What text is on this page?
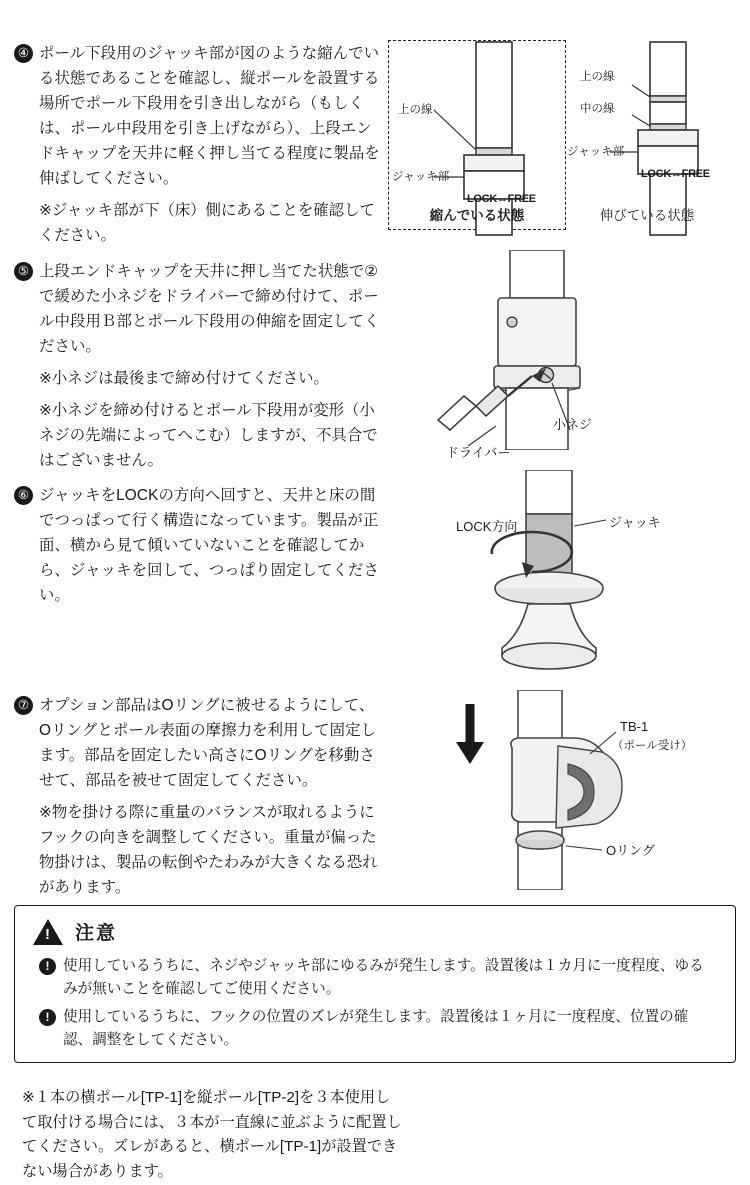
④ ポール下段用のジャッキ部が図のような縮んでいる状態であることを確認し、縦ポールを設置する場所でポール下段用を引き出しながら（もしくは、ポール中段用を引き上げながら）、上段エンドキャップを天井に軽く押し当てる程度に製品を伸ばしてください。
※ジャッキ部が下（床）側にあることを確認してください。
上の線
ジャッキ部
LOCK↔FREE
縮んでいる状態
上の線
中の線
ジャッキ部
LOCK↔FREE
伸びている状態
⑤ 上段エンドキャップを天井に押し当てた状態で②で緩めた小ネジをドライバーで締め付けて、ポール中段用Ｂ部とポール下段用の伸縮を固定してください。
※小ネジは最後まで締め付けてください。
※小ネジを締め付けるとポール下段用が変形（小ネジの先端によってへこむ）しますが、不具合ではございません。	ドライバー
小ネジ
⑥ ジャッキをLOCKの方向へ回すと、天井と床の間でつっぱって行く構造になっています。製品が正面、横から見て傾いていないことを確認してから、ジャッキを回して、つっぱり固定してください。
LOCK方向	ジャッキ
⑦ オプション部品はOリングに被せるようにして、Oリングとポール表面の摩擦力を利用して固定します。部品を固定したい高さにOリングを移動させて、部品を被せて固定してください。
※物を掛ける際に重量のバランスが取れるようにフックの向きを調整してください。重量が偏った物掛けは、製品の転倒やたわみが大きくなる恐れがあります。
TB-1
（ポール受け）
Oリング
!
注意
! 使用しているうちに、ネジやジャッキ部にゆるみが発生します。設置後は１カ月に一度程度、ゆるみが無いことを確認してご使用ください。
! 使用しているうちに、フックの位置のズレが発生します。設置後は１ヶ月に一度程度、位置の確認、調整をしてください。
※１本の横ポール[TP-1]を縦ポール[TP-2]を３本使用して取付ける場合には、３本が一直線に並ぶように配置してください。ズレがあると、横ポール[TP-1]が設置できない場合があります。
